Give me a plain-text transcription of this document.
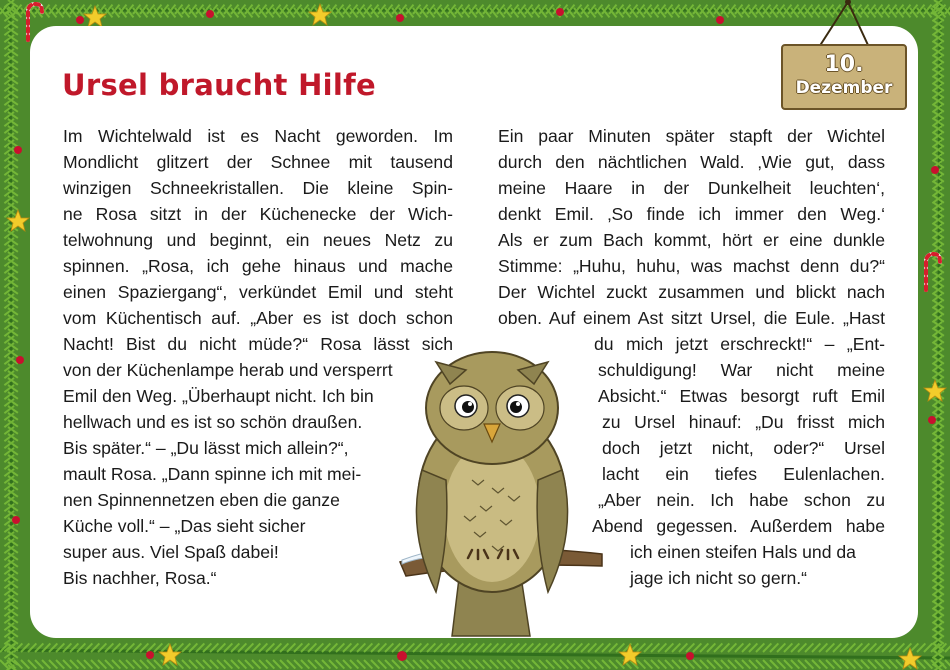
Ursel braucht Hilfe
10.
Dezember

Im Wichtelwald ist es Nacht geworden. Im

Mondlicht glitzert der Schnee mit tausend

winzigen Schneekristallen. Die kleine Spin-

ne Rosa sitzt in der Küchenecke der Wich-

telwohnung und beginnt, ein neues Netz zu

spinnen. „Rosa, ich gehe hinaus und mache

einen Spaziergang“, verkündet Emil und steht

vom Küchentisch auf. „Aber es ist doch schon

Nacht! Bist du nicht müde?“ Rosa lässt sich

von der Küchenlampe herab und versperrt

Emil den Weg. „Überhaupt nicht. Ich bin

hellwach und es ist so schön draußen.

Bis später.“ – „Du lässt mich allein?“,

mault Rosa. „Dann spinne ich mit mei-

nen Spinnennetzen eben die ganze

Küche voll.“ – „Das sieht sicher

super aus. Viel Spaß dabei!

Bis nachher, Rosa.“

Ein paar Minuten später stapft der Wichtel

durch den nächtlichen Wald. ‚Wie gut, dass

meine Haare in der Dunkelheit leuchten‘,

denkt Emil. ‚So finde ich immer den Weg.‘

Als er zum Bach kommt, hört er eine dunkle

Stimme: „Huhu, huhu, was machst denn du?“

Der Wichtel zuckt zusammen und blickt nach

oben. Auf einem Ast sitzt Ursel, die Eule. „Hast

du mich jetzt erschreckt!“ – „Ent-

schuldigung! War nicht meine

Absicht.“ Etwas besorgt ruft Emil

zu Ursel hinauf: „Du frisst mich

doch jetzt nicht, oder?“ Ursel

lacht ein tiefes Eulenlachen.

„Aber nein. Ich habe schon zu

Abend gegessen. Außerdem habe

ich einen steifen Hals und da

jage ich nicht so gern.“
